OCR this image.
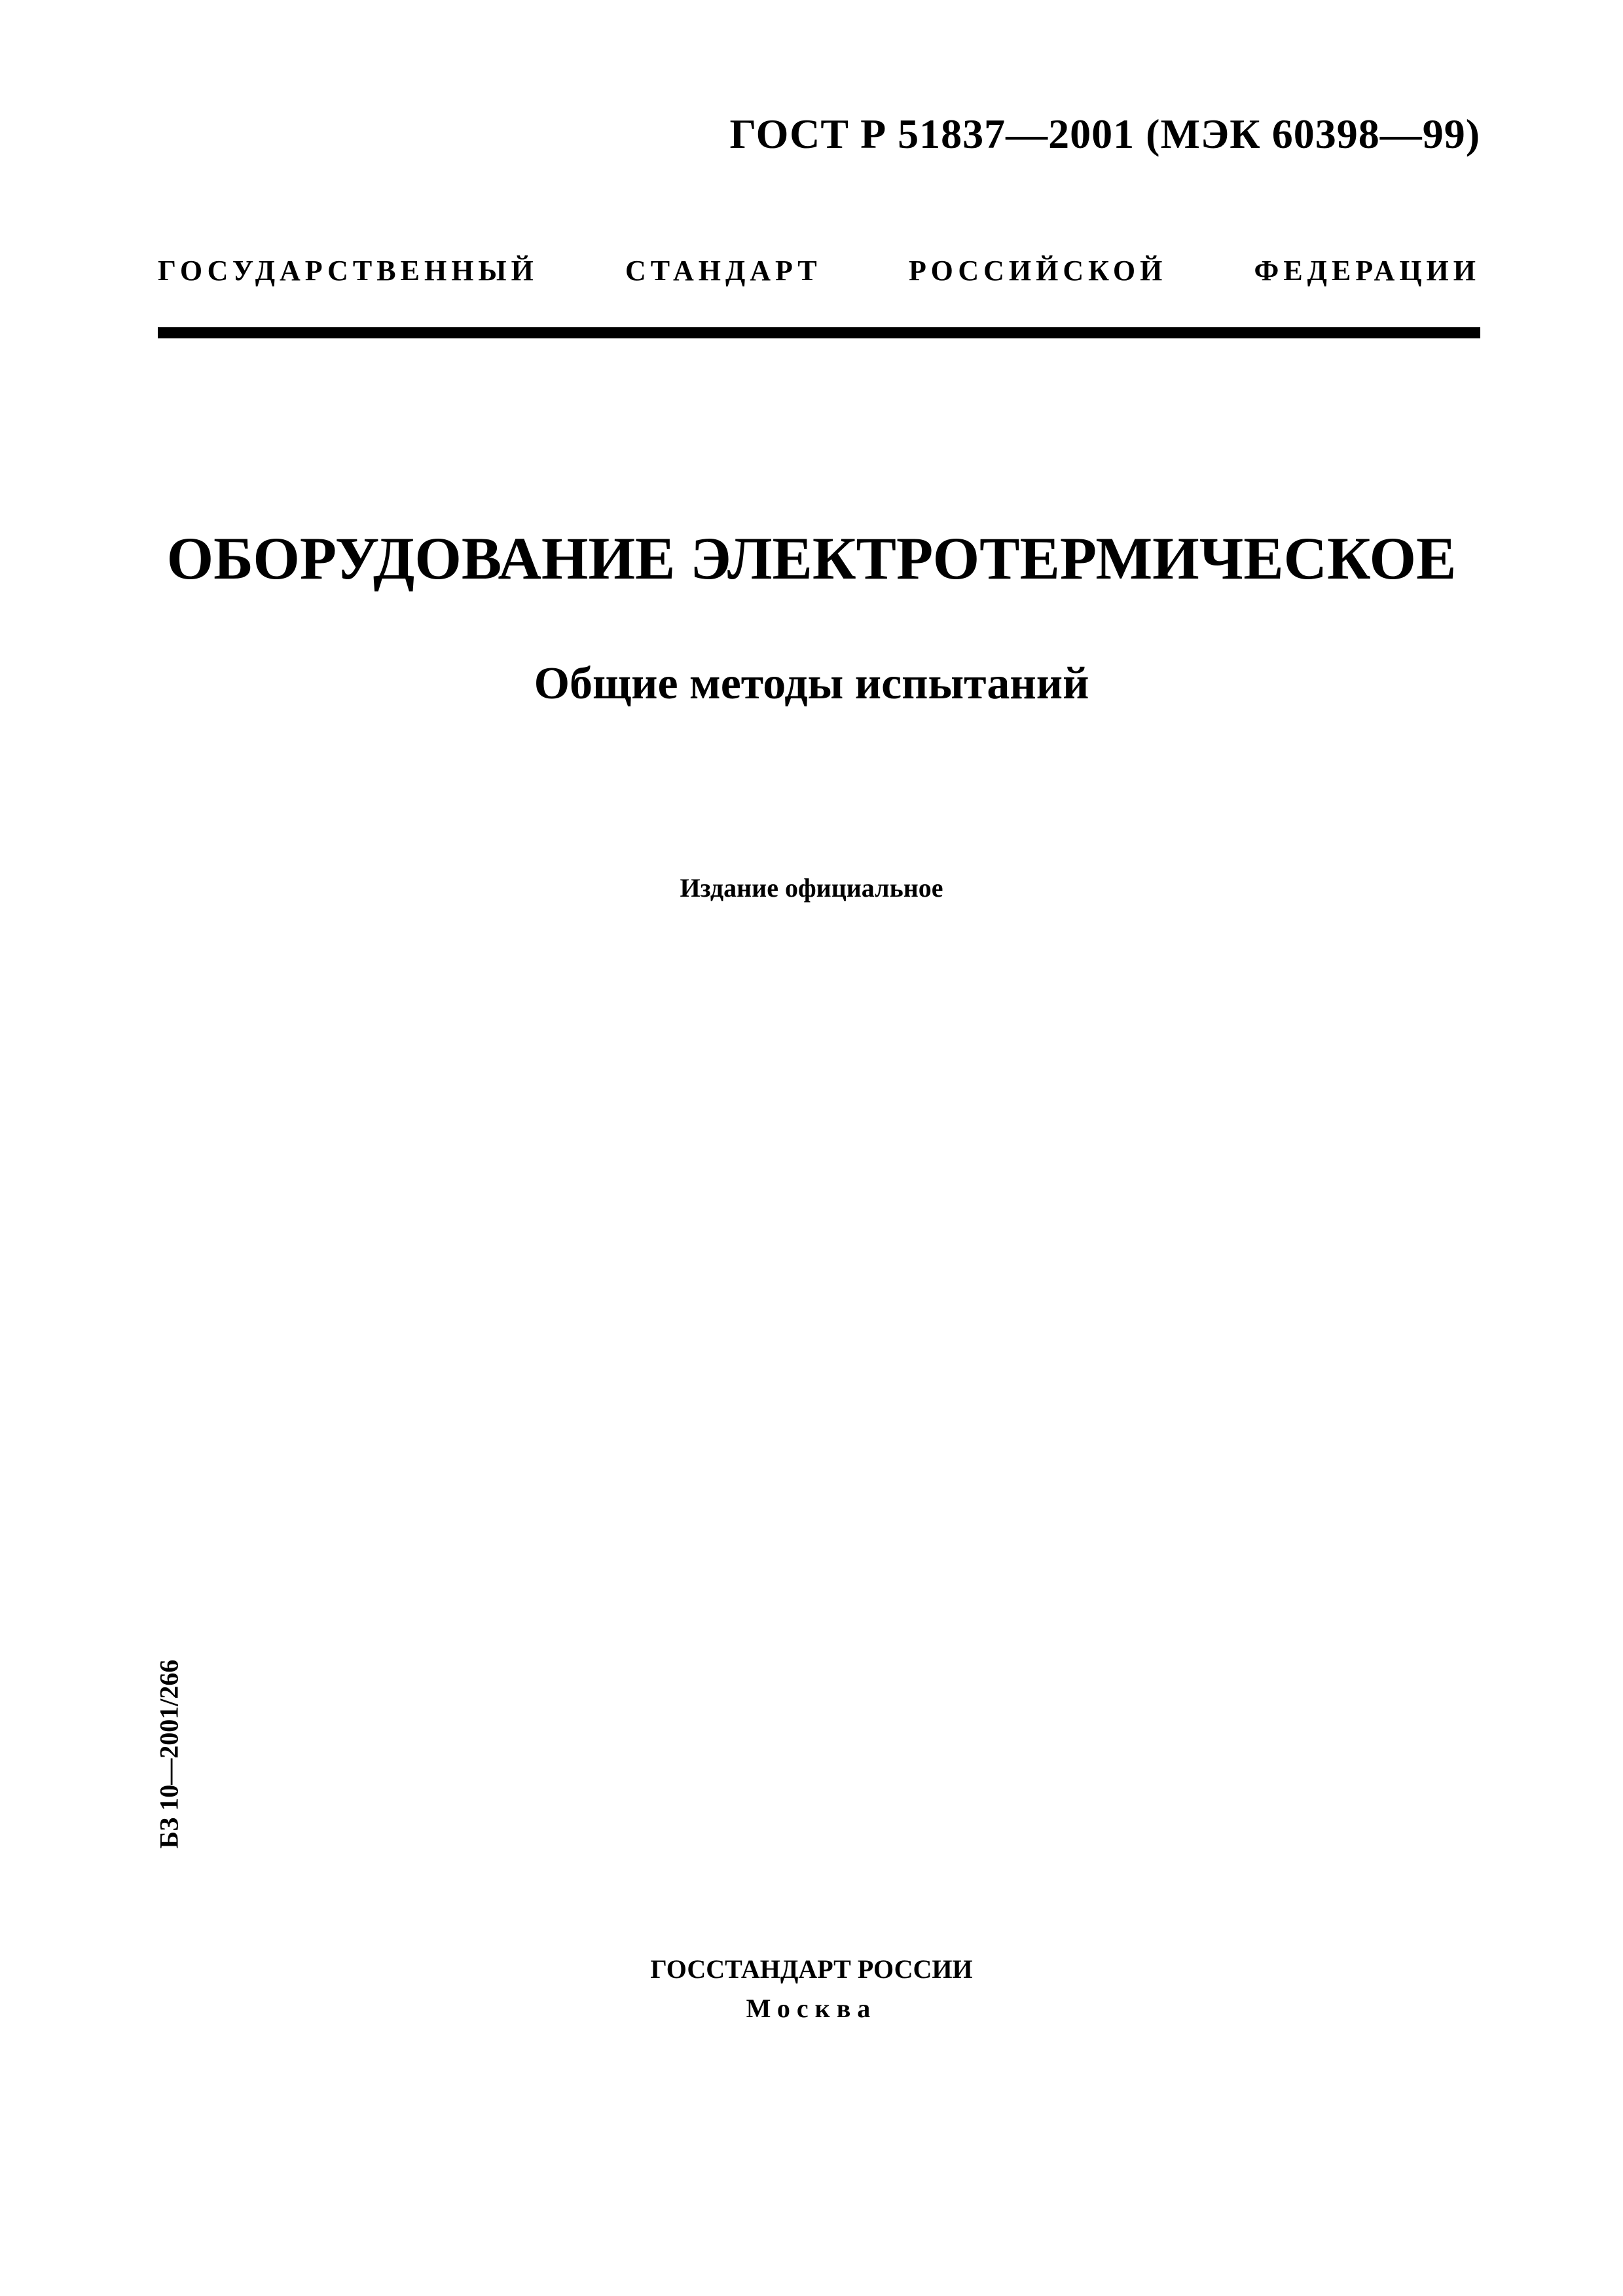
ГОСТ Р 51837—2001 (МЭК 60398—99)
ГОСУДАРСТВЕННЫЙ СТАНДАРТ РОССИЙСКОЙ ФЕДЕРАЦИИ
ОБОРУДОВАНИЕ ЭЛЕКТРОТЕРМИЧЕСКОЕ
Общие методы испытаний
Издание официальное
БЗ 10—2001/266
ГОССТАНДАРТ РОССИИ
Москва
